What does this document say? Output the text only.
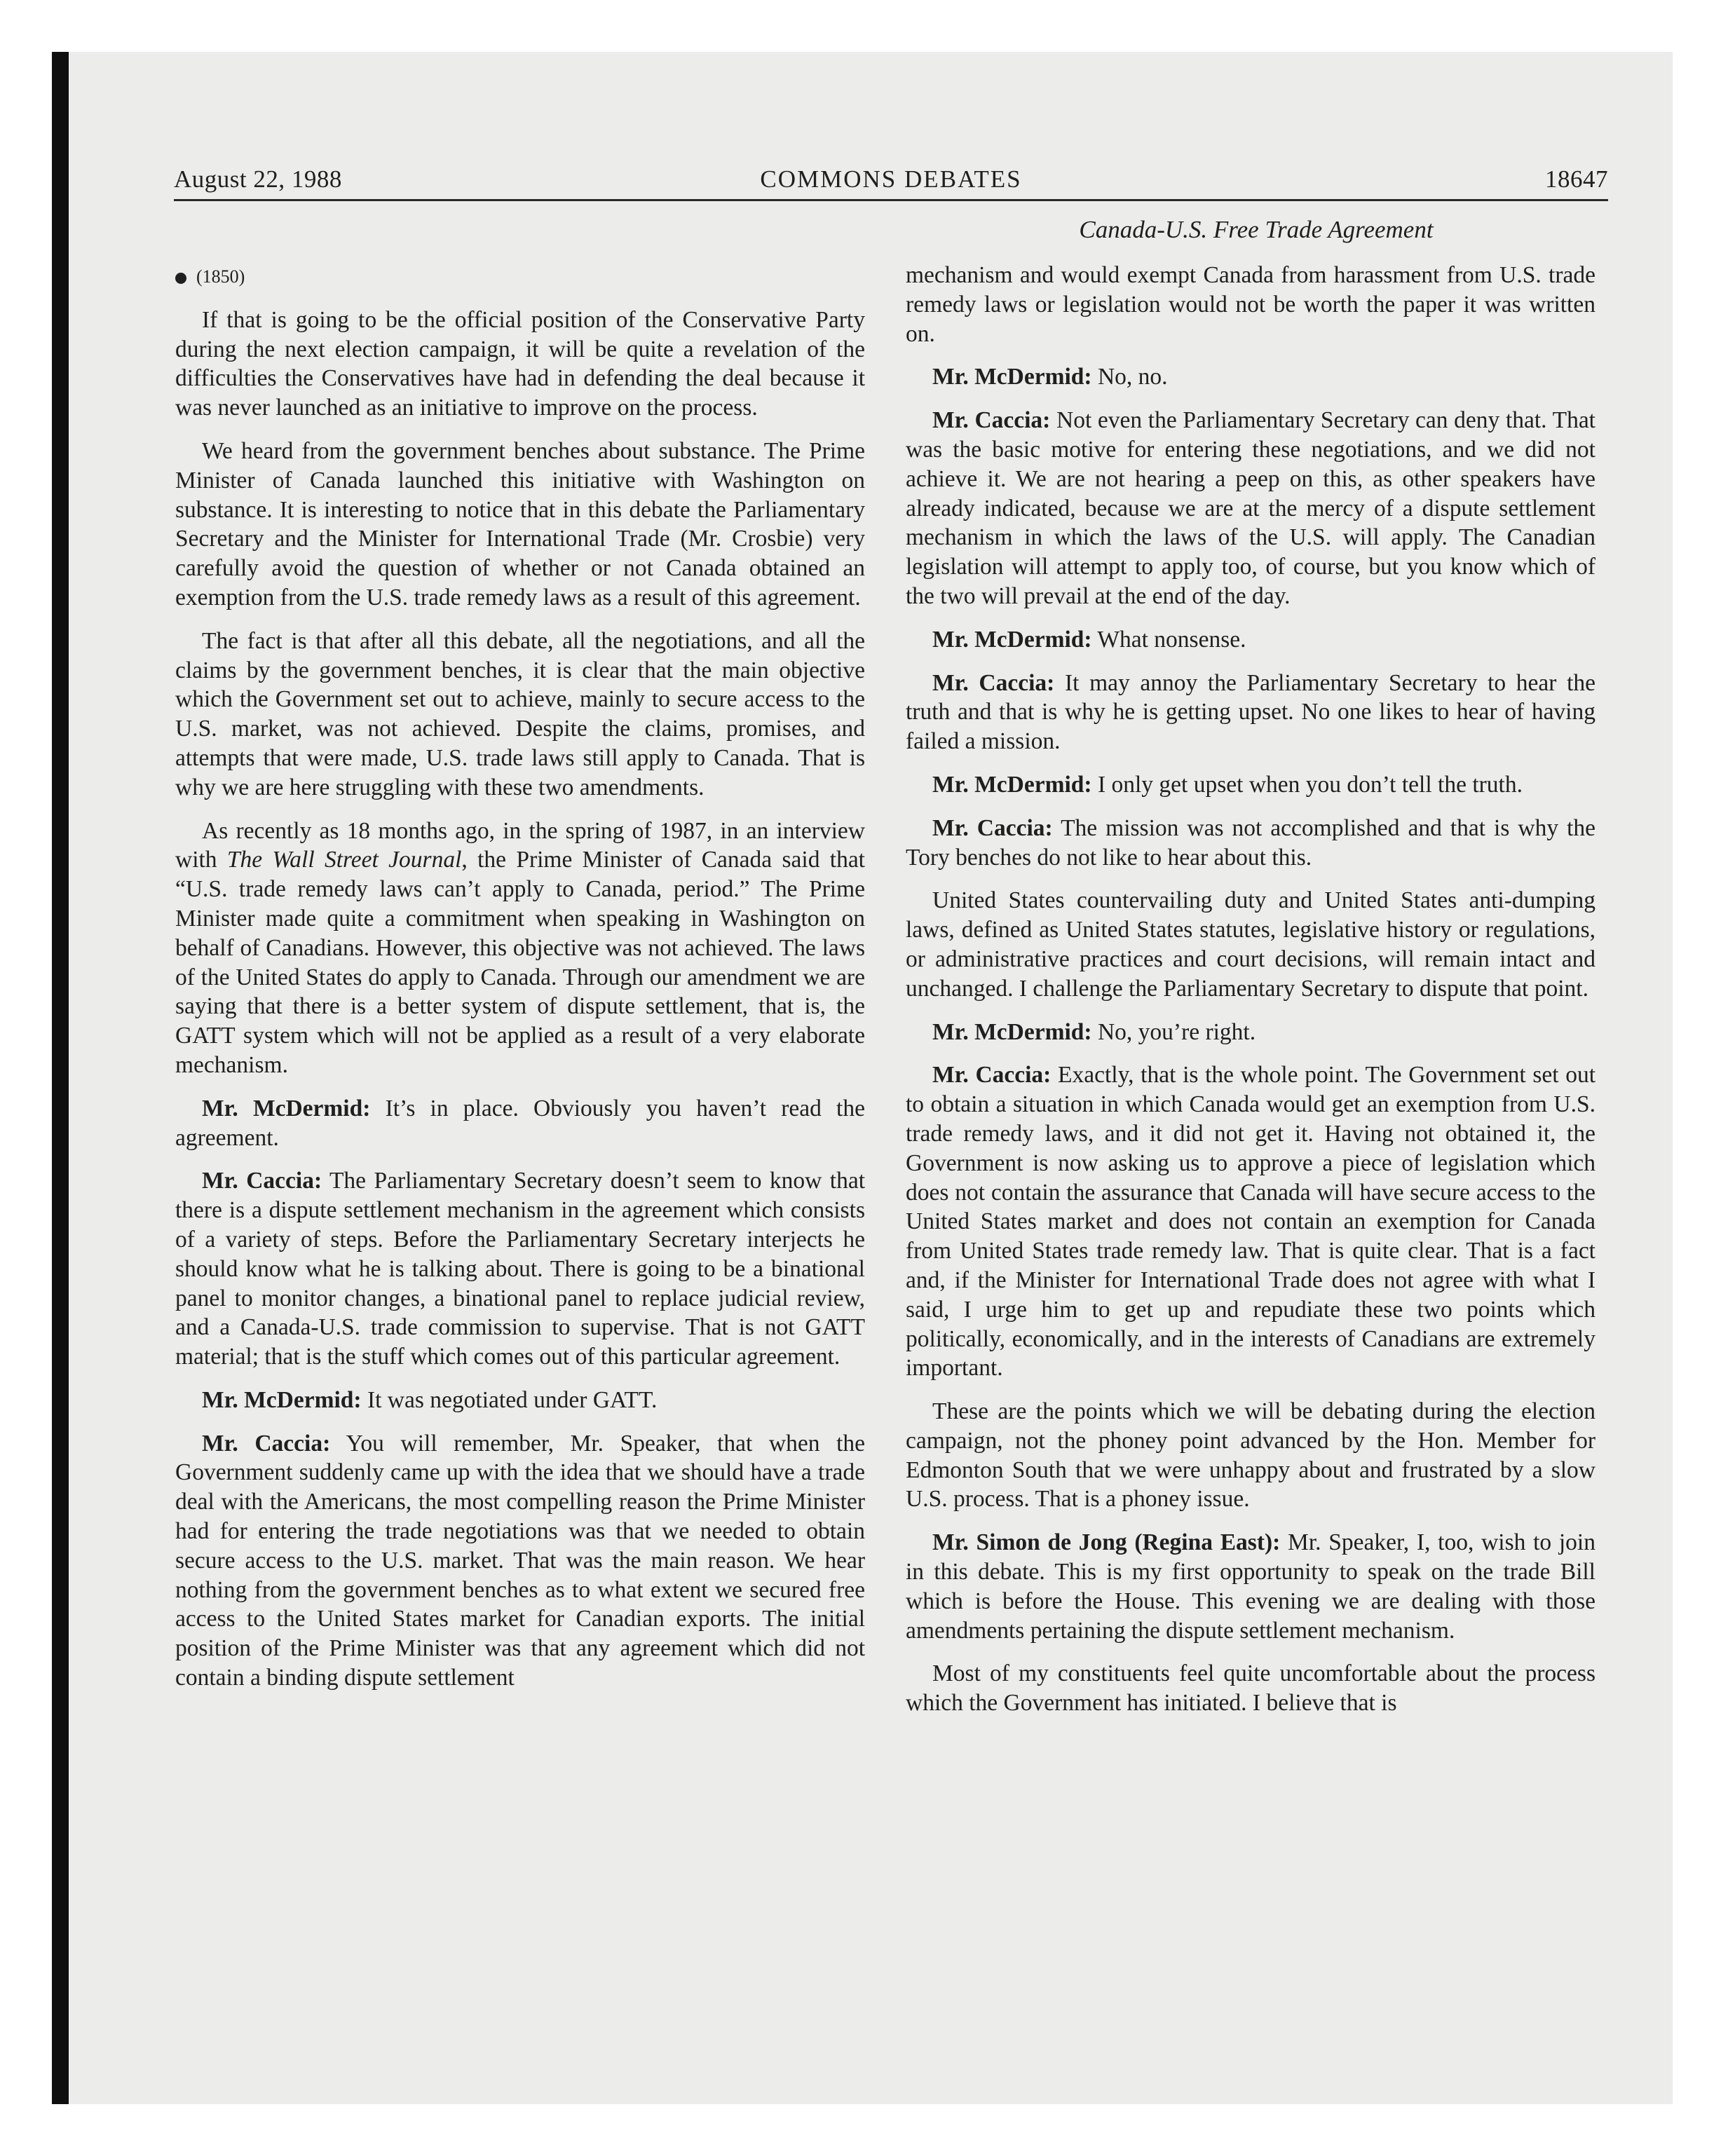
August 22, 1988	COMMONS DEBATES	18647
Canada-U.S. Free Trade Agreement

(1850)

If that is going to be the official position of the Conservative Party during the next election campaign, it will be quite a revelation of the difficulties the Conservatives have had in defending the deal because it was never launched as an initiative to improve on the process.

We heard from the government benches about substance. The Prime Minister of Canada launched this initiative with Washington on substance. It is interesting to notice that in this debate the Parliamentary Secretary and the Minister for International Trade (Mr. Crosbie) very carefully avoid the question of whether or not Canada obtained an exemption from the U.S. trade remedy laws as a result of this agreement.

The fact is that after all this debate, all the negotiations, and all the claims by the government benches, it is clear that the main objective which the Government set out to achieve, mainly to secure access to the U.S. market, was not achieved. Despite the claims, promises, and attempts that were made, U.S. trade laws still apply to Canada. That is why we are here struggling with these two amendments.

As recently as 18 months ago, in the spring of 1987, in an interview with The Wall Street Journal, the Prime Minister of Canada said that “U.S. trade remedy laws can’t apply to Canada, period.” The Prime Minister made quite a commitment when speaking in Washington on behalf of Canadians. However, this objective was not achieved. The laws of the United States do apply to Canada. Through our amendment we are saying that there is a better system of dispute settlement, that is, the GATT system which will not be applied as a result of a very elaborate mechanism.

Mr. McDermid: It’s in place. Obviously you haven’t read the agreement.

Mr. Caccia: The Parliamentary Secretary doesn’t seem to know that there is a dispute settlement mechanism in the agreement which consists of a variety of steps. Before the Parliamentary Secretary interjects he should know what he is talking about. There is going to be a binational panel to monitor changes, a binational panel to replace judicial review, and a Canada-U.S. trade commission to supervise. That is not GATT material; that is the stuff which comes out of this particular agreement.

Mr. McDermid: It was negotiated under GATT.

Mr. Caccia: You will remember, Mr. Speaker, that when the Government suddenly came up with the idea that we should have a trade deal with the Americans, the most compelling reason the Prime Minister had for entering the trade negotiations was that we needed to obtain secure access to the U.S. market. That was the main reason. We hear nothing from the government benches as to what extent we secured free access to the United States market for Canadian exports. The initial position of the Prime Minister was that any agreement which did not contain a binding dispute settlement

mechanism and would exempt Canada from harassment from U.S. trade remedy laws or legislation would not be worth the paper it was written on.

Mr. McDermid: No, no.

Mr. Caccia: Not even the Parliamentary Secretary can deny that. That was the basic motive for entering these negotiations, and we did not achieve it. We are not hearing a peep on this, as other speakers have already indicated, because we are at the mercy of a dispute settlement mechanism in which the laws of the U.S. will apply. The Canadian legislation will attempt to apply too, of course, but you know which of the two will prevail at the end of the day.

Mr. McDermid: What nonsense.

Mr. Caccia: It may annoy the Parliamentary Secretary to hear the truth and that is why he is getting upset. No one likes to hear of having failed a mission.

Mr. McDermid: I only get upset when you don’t tell the truth.

Mr. Caccia: The mission was not accomplished and that is why the Tory benches do not like to hear about this.

United States countervailing duty and United States anti-dumping laws, defined as United States statutes, legislative history or regulations, or administrative practices and court decisions, will remain intact and unchanged. I challenge the Parliamentary Secretary to dispute that point.

Mr. McDermid: No, you’re right.

Mr. Caccia: Exactly, that is the whole point. The Government set out to obtain a situation in which Canada would get an exemption from U.S. trade remedy laws, and it did not get it. Having not obtained it, the Government is now asking us to approve a piece of legislation which does not contain the assurance that Canada will have secure access to the United States market and does not contain an exemption for Canada from United States trade remedy law. That is quite clear. That is a fact and, if the Minister for International Trade does not agree with what I said, I urge him to get up and repudiate these two points which politically, economically, and in the interests of Canadians are extremely important.

These are the points which we will be debating during the election campaign, not the phoney point advanced by the Hon. Member for Edmonton South that we were unhappy about and frustrated by a slow U.S. process. That is a phoney issue.

Mr. Simon de Jong (Regina East): Mr. Speaker, I, too, wish to join in this debate. This is my first opportunity to speak on the trade Bill which is before the House. This evening we are dealing with those amendments pertaining the dispute settlement mechanism.

Most of my constituents feel quite uncomfortable about the process which the Government has initiated. I believe that is
